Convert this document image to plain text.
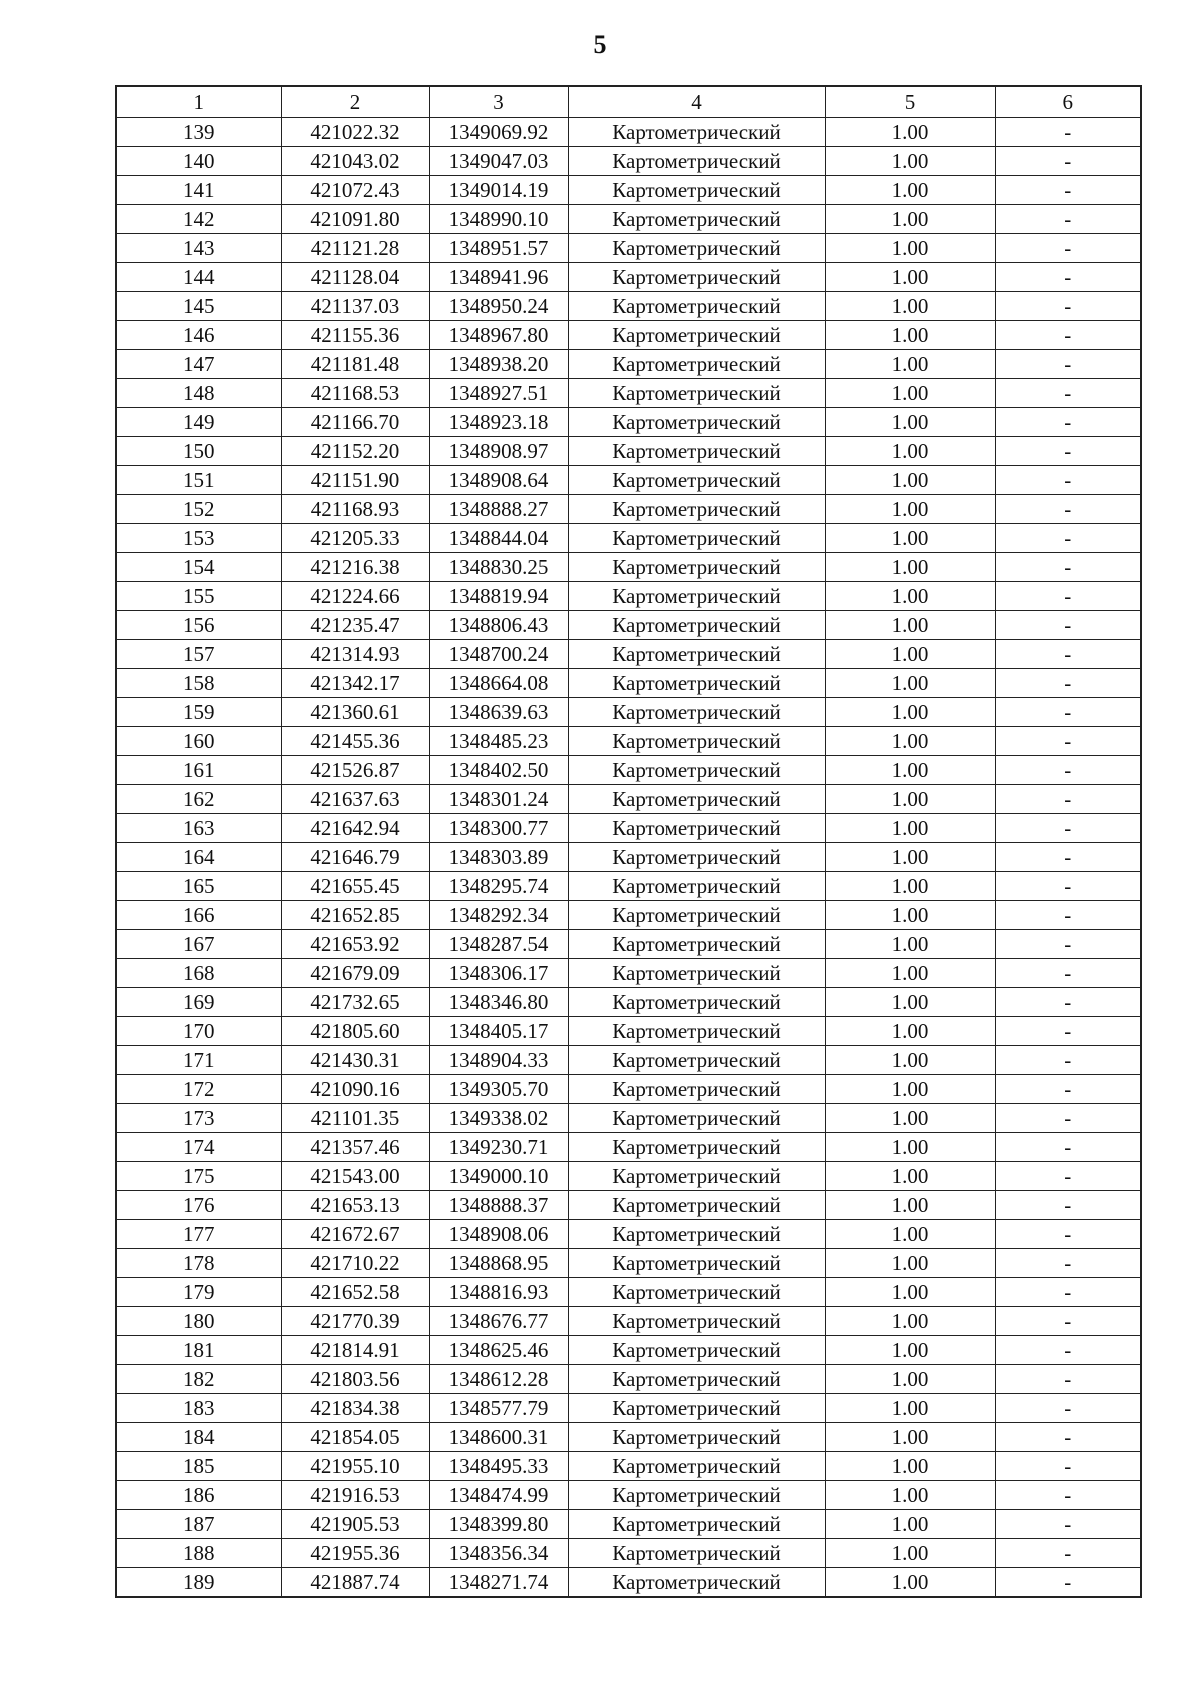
5
1	2	3	4	5	6
139	421022.32	1349069.92	Картометрический	1.00	-
140	421043.02	1349047.03	Картометрический	1.00	-
141	421072.43	1349014.19	Картометрический	1.00	-
142	421091.80	1348990.10	Картометрический	1.00	-
143	421121.28	1348951.57	Картометрический	1.00	-
144	421128.04	1348941.96	Картометрический	1.00	-
145	421137.03	1348950.24	Картометрический	1.00	-
146	421155.36	1348967.80	Картометрический	1.00	-
147	421181.48	1348938.20	Картометрический	1.00	-
148	421168.53	1348927.51	Картометрический	1.00	-
149	421166.70	1348923.18	Картометрический	1.00	-
150	421152.20	1348908.97	Картометрический	1.00	-
151	421151.90	1348908.64	Картометрический	1.00	-
152	421168.93	1348888.27	Картометрический	1.00	-
153	421205.33	1348844.04	Картометрический	1.00	-
154	421216.38	1348830.25	Картометрический	1.00	-
155	421224.66	1348819.94	Картометрический	1.00	-
156	421235.47	1348806.43	Картометрический	1.00	-
157	421314.93	1348700.24	Картометрический	1.00	-
158	421342.17	1348664.08	Картометрический	1.00	-
159	421360.61	1348639.63	Картометрический	1.00	-
160	421455.36	1348485.23	Картометрический	1.00	-
161	421526.87	1348402.50	Картометрический	1.00	-
162	421637.63	1348301.24	Картометрический	1.00	-
163	421642.94	1348300.77	Картометрический	1.00	-
164	421646.79	1348303.89	Картометрический	1.00	-
165	421655.45	1348295.74	Картометрический	1.00	-
166	421652.85	1348292.34	Картометрический	1.00	-
167	421653.92	1348287.54	Картометрический	1.00	-
168	421679.09	1348306.17	Картометрический	1.00	-
169	421732.65	1348346.80	Картометрический	1.00	-
170	421805.60	1348405.17	Картометрический	1.00	-
171	421430.31	1348904.33	Картометрический	1.00	-
172	421090.16	1349305.70	Картометрический	1.00	-
173	421101.35	1349338.02	Картометрический	1.00	-
174	421357.46	1349230.71	Картометрический	1.00	-
175	421543.00	1349000.10	Картометрический	1.00	-
176	421653.13	1348888.37	Картометрический	1.00	-
177	421672.67	1348908.06	Картометрический	1.00	-
178	421710.22	1348868.95	Картометрический	1.00	-
179	421652.58	1348816.93	Картометрический	1.00	-
180	421770.39	1348676.77	Картометрический	1.00	-
181	421814.91	1348625.46	Картометрический	1.00	-
182	421803.56	1348612.28	Картометрический	1.00	-
183	421834.38	1348577.79	Картометрический	1.00	-
184	421854.05	1348600.31	Картометрический	1.00	-
185	421955.10	1348495.33	Картометрический	1.00	-
186	421916.53	1348474.99	Картометрический	1.00	-
187	421905.53	1348399.80	Картометрический	1.00	-
188	421955.36	1348356.34	Картометрический	1.00	-
189	421887.74	1348271.74	Картометрический	1.00	-
